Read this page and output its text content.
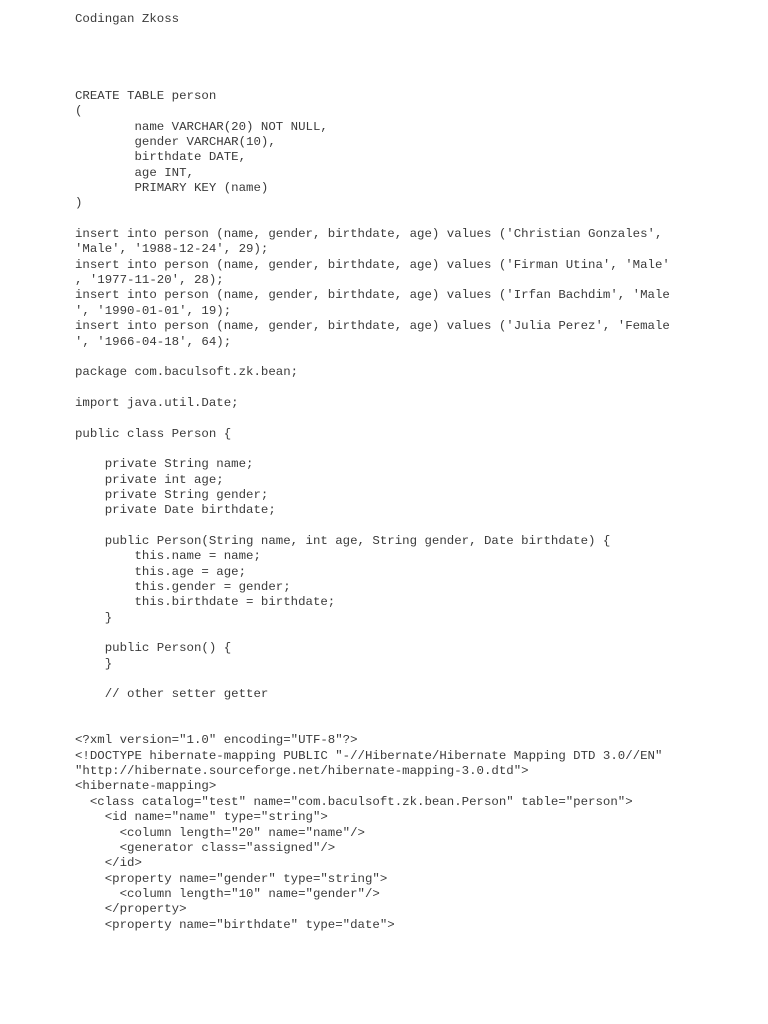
Codingan Zkoss
CREATE TABLE person
(
name VARCHAR(20) NOT NULL,
gender VARCHAR(10),
birthdate DATE,
age INT,
PRIMARY KEY (name)
)
insert into person (name, gender, birthdate, age) values ('Christian Gonzales',
'Male', '1988-12-24', 29);
insert into person (name, gender, birthdate, age) values ('Firman Utina', 'Male'
, '1977-11-20', 28);
insert into person (name, gender, birthdate, age) values ('Irfan Bachdim', 'Male
', '1990-01-01', 19);
insert into person (name, gender, birthdate, age) values ('Julia Perez', 'Female
', '1966-04-18', 64);
package com.baculsoft.zk.bean;
import java.util.Date;
public class Person {
private String name;
private int age;
private String gender;
private Date birthdate;
public Person(String name, int age, String gender, Date birthdate) {
this.name = name;
this.age = age;
this.gender = gender;
this.birthdate = birthdate;
}
public Person() {
}
// other setter getter
<?xml version="1.0" encoding="UTF-8"?>
<!DOCTYPE hibernate-mapping PUBLIC "-//Hibernate/Hibernate Mapping DTD 3.0//EN"
"http://hibernate.sourceforge.net/hibernate-mapping-3.0.dtd">
<hibernate-mapping>
<class catalog="test" name="com.baculsoft.zk.bean.Person" table="person">
<id name="name" type="string">
<column length="20" name="name"/>
<generator class="assigned"/>
</id>
<property name="gender" type="string">
<column length="10" name="gender"/>
</property>
<property name="birthdate" type="date">
